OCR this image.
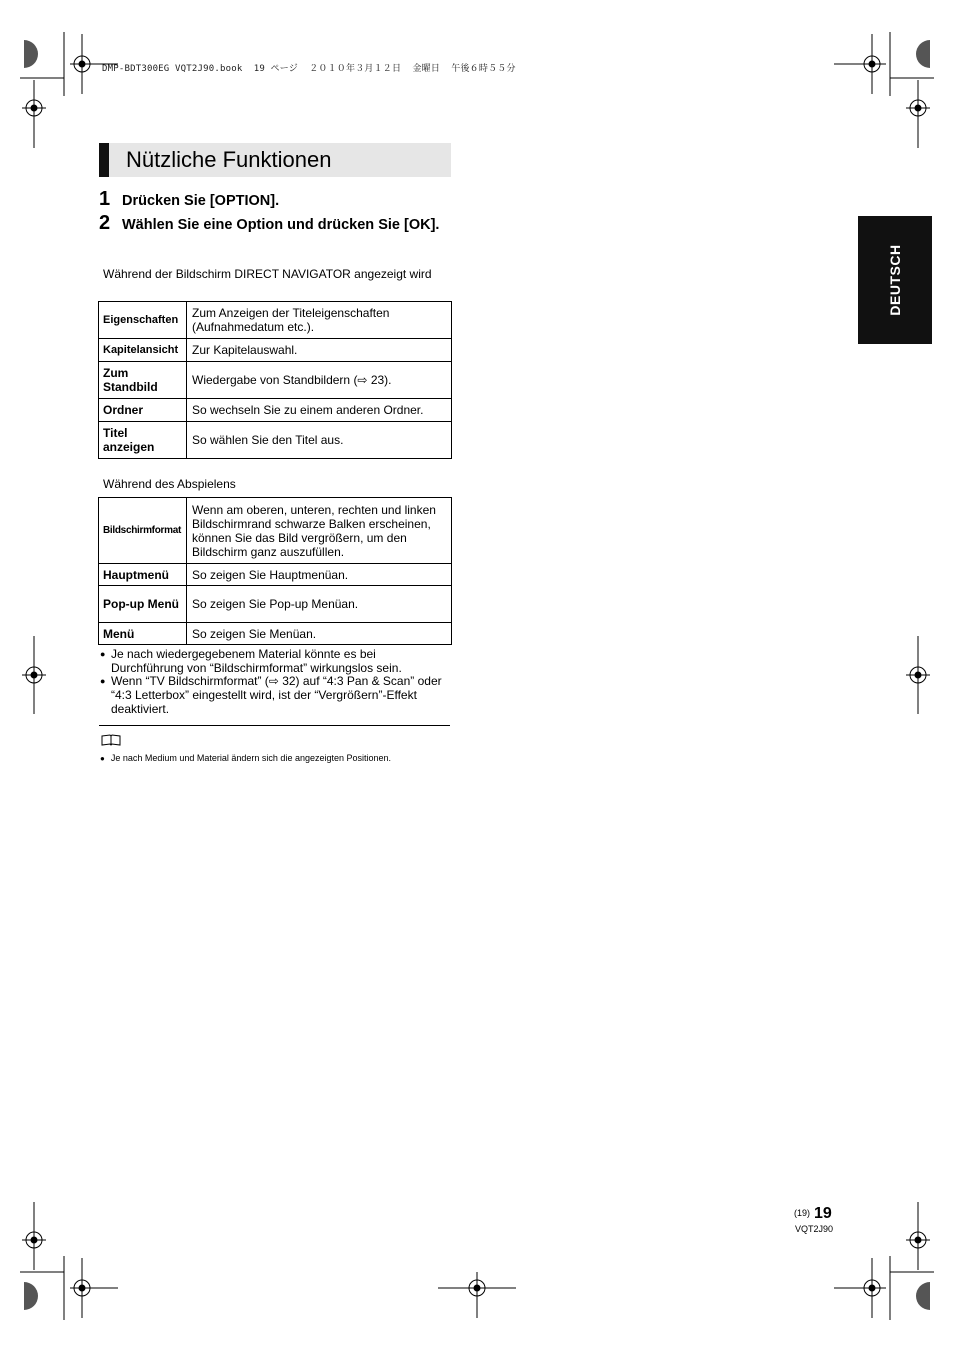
DMP-BDT300EG VQT2J90.book  19 ページ  ２０１０年３月１２日  金曜日  午後６時５５分
Nützliche Funktionen
1 Drücken Sie [OPTION].
2 Wählen Sie eine Option und drücken Sie [OK].
Während der Bildschirm DIRECT NAVIGATOR angezeigt wird
Eigenschaften	Zum Anzeigen der Titeleigenschaften (Aufnahmedatum etc.).
Kapitelansicht	Zur Kapitelauswahl.
Zum Standbild	Wiedergabe von Standbildern (⇨ 23).
Ordner	So wechseln Sie zu einem anderen Ordner.
Titel anzeigen	So wählen Sie den Titel aus.
Während des Abspielens
Bildschirmformat	Wenn am oberen, unteren, rechten und linken Bildschirmrand schwarze Balken erscheinen, können Sie das Bild vergrößern, um den Bildschirm ganz auszufüllen.
Hauptmenü	So zeigen Sie Hauptmenüan.
Pop-up Menü	So zeigen Sie Pop-up Menüan.
Menü	So zeigen Sie Menüan.
● Je nach wiedergegebenem Material könnte es bei Durchführung von “Bildschirmformat” wirkungslos sein.
● Wenn “TV Bildschirmformat” (⇨ 32) auf “4:3 Pan & Scan” oder “4:3 Letterbox” eingestellt wird, ist der “Vergrößern”-Effekt deaktiviert.
● Je nach Medium und Material ändern sich die angezeigten Positionen.
DEUTSCH
(19) 19
VQT2J90
